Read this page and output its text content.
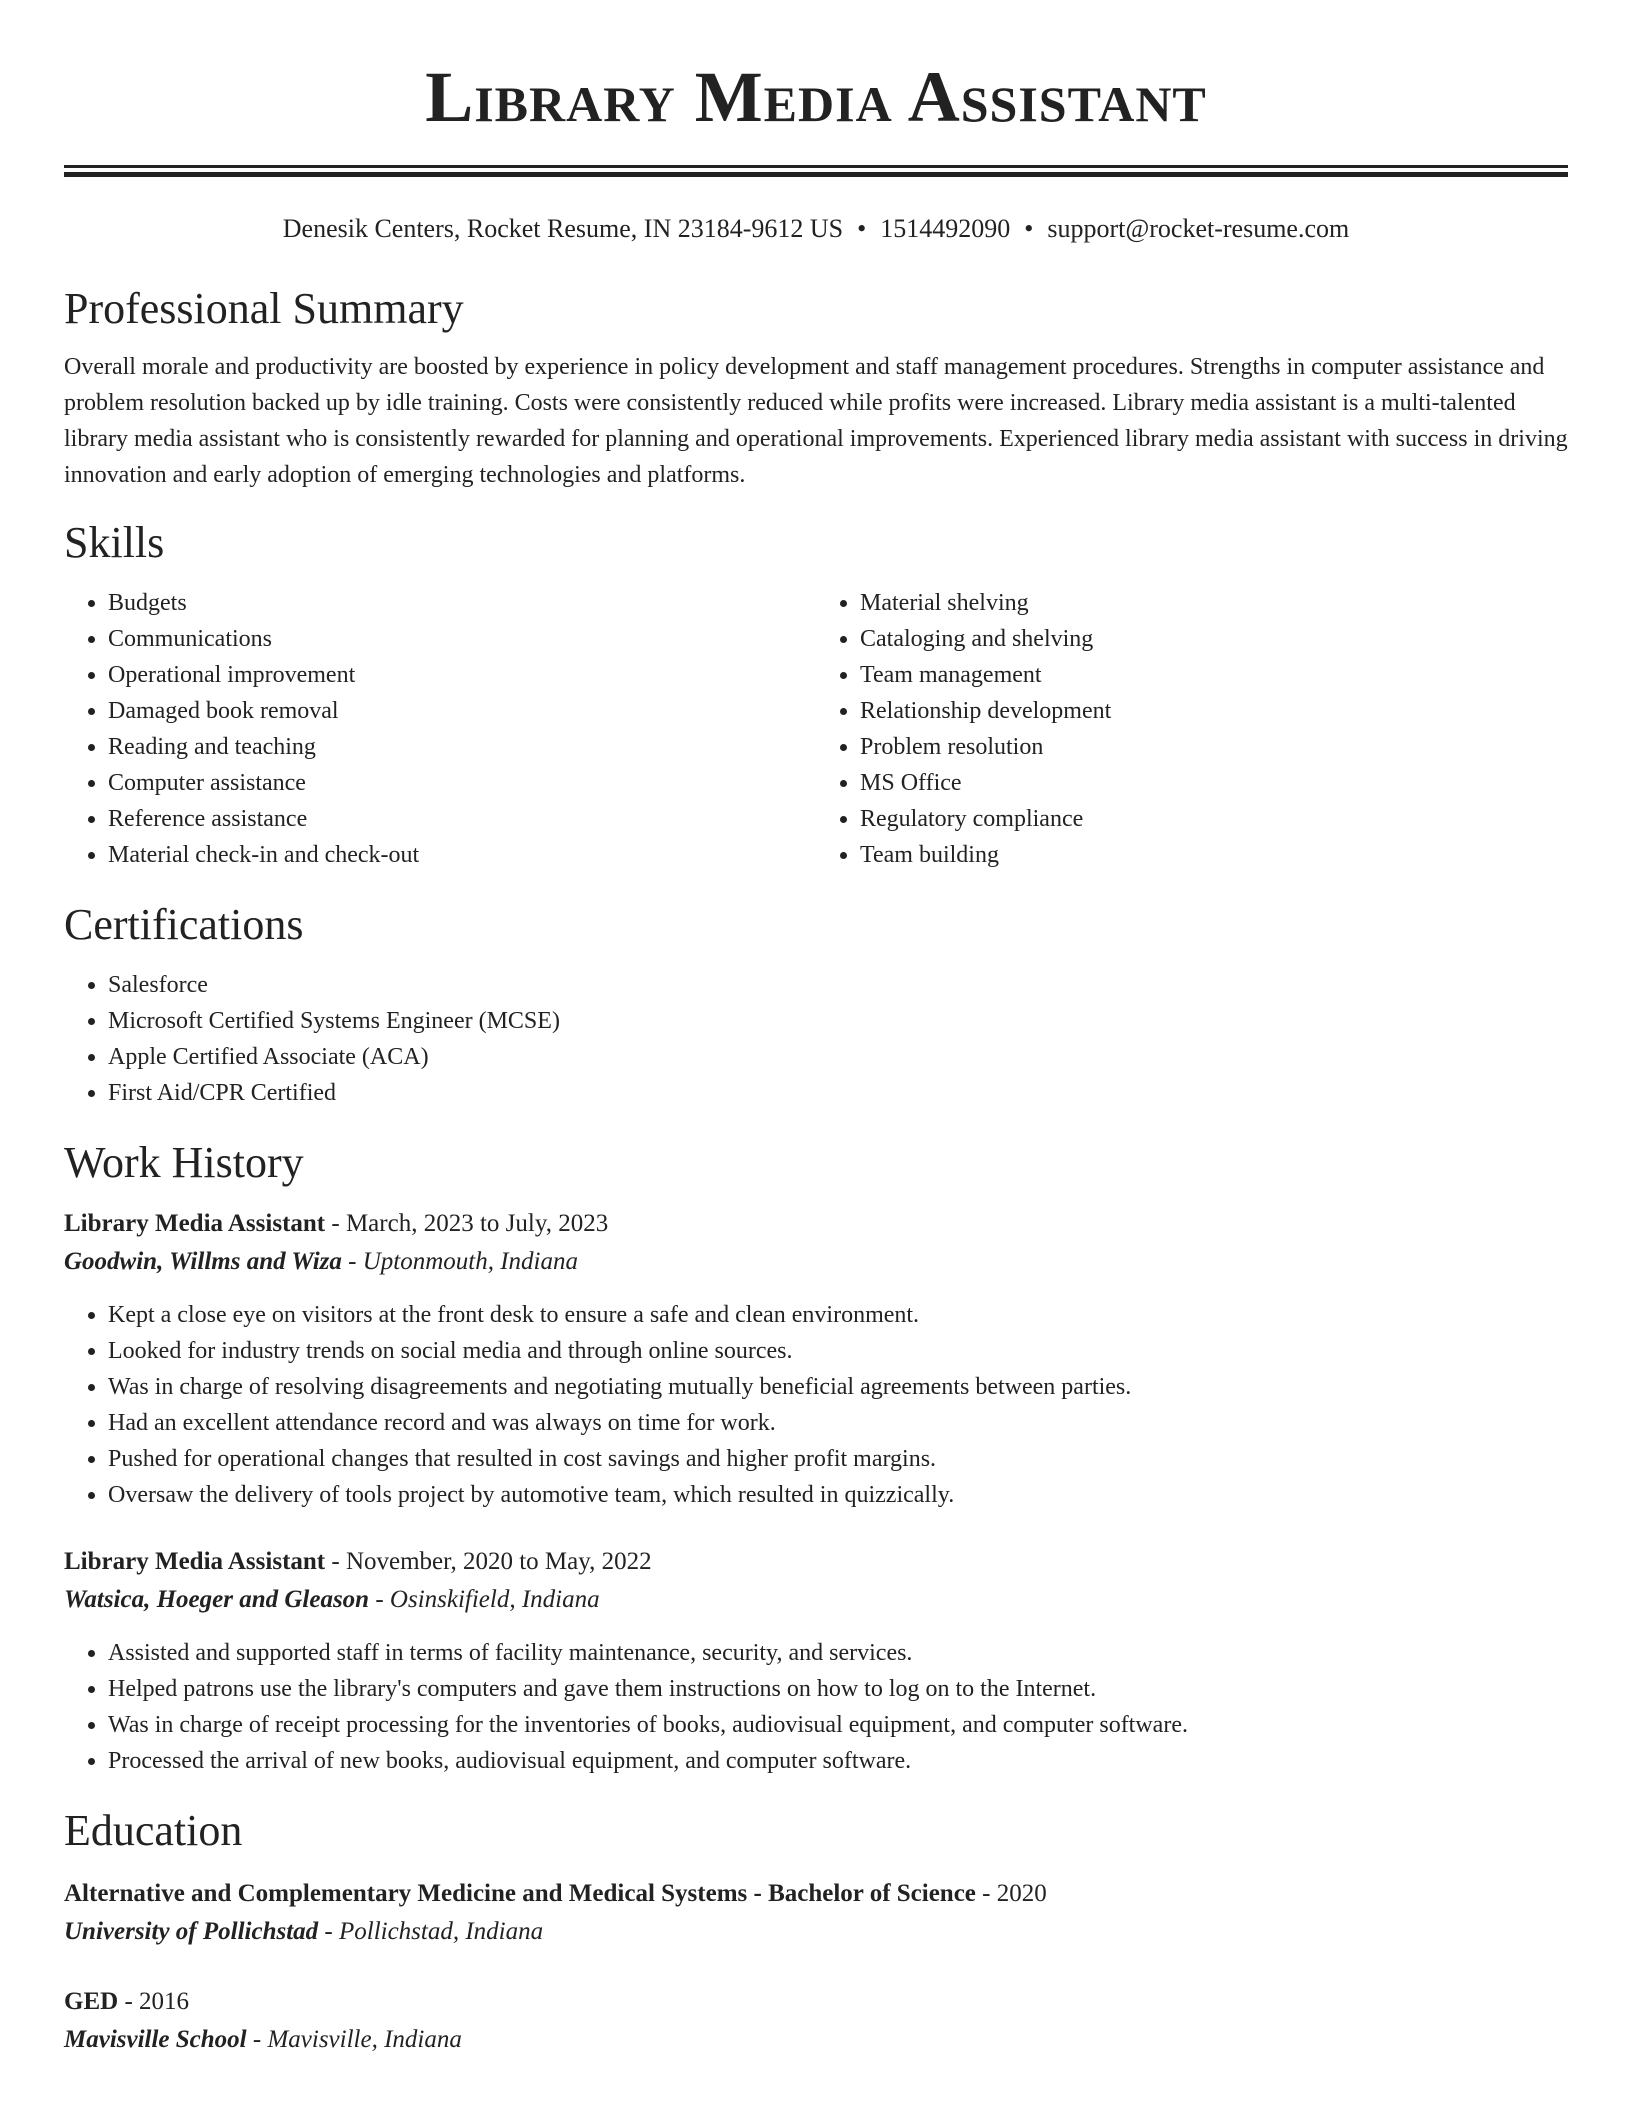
Library Media Assistant
Denesik Centers, Rocket Resume, IN 23184-9612 US • 1514492090 • support@rocket-resume.com
Professional Summary

Overall morale and productivity are boosted by experience in policy development and staff management procedures. Strengths in computer assistance and problem resolution backed up by idle training. Costs were consistently reduced while profits were increased. Library media assistant is a multi-talented library media assistant who is consistently rewarded for planning and operational improvements. Experienced library media assistant with success in driving innovation and early adoption of emerging technologies and platforms.

Skills
• Budgets
• Communications
• Operational improvement
• Damaged book removal
• Reading and teaching
• Computer assistance
• Reference assistance
• Material check-in and check-out
• Material shelving
• Cataloging and shelving
• Team management
• Relationship development
• Problem resolution
• MS Office
• Regulatory compliance
• Team building
Certifications
• Salesforce
• Microsoft Certified Systems Engineer (MCSE)
• Apple Certified Associate (ACA)
• First Aid/CPR Certified
Work History
Library Media Assistant - March, 2023 to July, 2023
Goodwin, Willms and Wiza - Uptonmouth, Indiana
• Kept a close eye on visitors at the front desk to ensure a safe and clean environment.
• Looked for industry trends on social media and through online sources.
• Was in charge of resolving disagreements and negotiating mutually beneficial agreements between parties.
• Had an excellent attendance record and was always on time for work.
• Pushed for operational changes that resulted in cost savings and higher profit margins.
• Oversaw the delivery of tools project by automotive team, which resulted in quizzically.
Library Media Assistant - November, 2020 to May, 2022
Watsica, Hoeger and Gleason - Osinskifield, Indiana
• Assisted and supported staff in terms of facility maintenance, security, and services.
• Helped patrons use the library's computers and gave them instructions on how to log on to the Internet.
• Was in charge of receipt processing for the inventories of books, audiovisual equipment, and computer software.
• Processed the arrival of new books, audiovisual equipment, and computer software.
Education
Alternative and Complementary Medicine and Medical Systems - Bachelor of Science - 2020
University of Pollichstad - Pollichstad, Indiana
GED - 2016
Mavisville School - Mavisville, Indiana
